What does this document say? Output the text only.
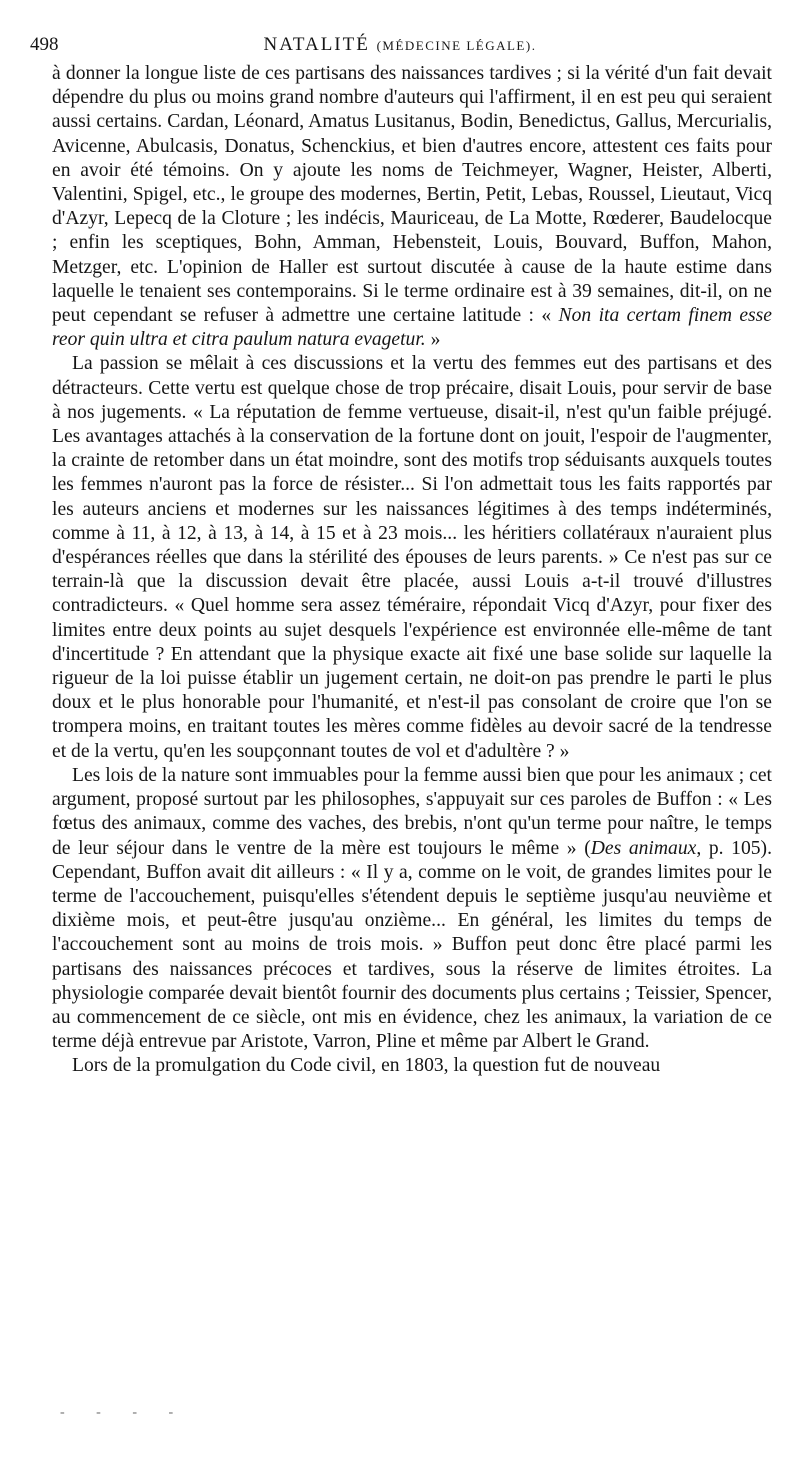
498	NATALITÉ (MÉDECINE LÉGALE).

à donner la longue liste de ces partisans des naissances tardives ; si la vérité d'un fait devait dépendre du plus ou moins grand nombre d'auteurs qui l'affirment, il en est peu qui seraient aussi certains. Cardan, Léonard, Amatus Lusitanus, Bodin, Benedictus, Gallus, Mercurialis, Avicenne, Abulcasis, Donatus, Schenckius, et bien d'autres encore, attestent ces faits pour en avoir été témoins. On y ajoute les noms de Teichmeyer, Wagner, Heister, Alberti, Valentini, Spigel, etc., le groupe des modernes, Bertin, Petit, Lebas, Roussel, Lieutaut, Vicq d'Azyr, Lepecq de la Cloture ; les indécis, Mauriceau, de La Motte, Rœderer, Baudelocque ; enfin les sceptiques, Bohn, Amman, Hebensteit, Louis, Bouvard, Buffon, Mahon, Metzger, etc. L'opinion de Haller est surtout discutée à cause de la haute estime dans laquelle le tenaient ses contemporains. Si le terme ordinaire est à 39 semaines, dit-il, on ne peut cependant se refuser à admettre une certaine latitude : « Non ita certam finem esse reor quin ultra et citra paulum natura evagetur. »

La passion se mêlait à ces discussions et la vertu des femmes eut des partisans et des détracteurs. Cette vertu est quelque chose de trop précaire, disait Louis, pour servir de base à nos jugements. « La réputation de femme vertueuse, disait-il, n'est qu'un faible préjugé. Les avantages attachés à la conservation de la fortune dont on jouit, l'espoir de l'augmenter, la crainte de retomber dans un état moindre, sont des motifs trop séduisants auxquels toutes les femmes n'auront pas la force de résister... Si l'on admettait tous les faits rapportés par les auteurs anciens et modernes sur les naissances légitimes à des temps indéterminés, comme à 11, à 12, à 13, à 14, à 15 et à 23 mois... les héritiers collatéraux n'auraient plus d'espérances réelles que dans la stérilité des épouses de leurs parents. » Ce n'est pas sur ce terrain-là que la discussion devait être placée, aussi Louis a-t-il trouvé d'illustres contradicteurs. « Quel homme sera assez téméraire, répondait Vicq d'Azyr, pour fixer des limites entre deux points au sujet desquels l'expérience est environnée elle-même de tant d'incertitude ? En attendant que la physique exacte ait fixé une base solide sur laquelle la rigueur de la loi puisse établir un jugement certain, ne doit-on pas prendre le parti le plus doux et le plus honorable pour l'humanité, et n'est-il pas consolant de croire que l'on se trompera moins, en traitant toutes les mères comme fidèles au devoir sacré de la tendresse et de la vertu, qu'en les soupçonnant toutes de vol et d'adultère ? »

Les lois de la nature sont immuables pour la femme aussi bien que pour les animaux ; cet argument, proposé surtout par les philosophes, s'appuyait sur ces paroles de Buffon : « Les fœtus des animaux, comme des vaches, des brebis, n'ont qu'un terme pour naître, le temps de leur séjour dans le ventre de la mère est toujours le même » (Des animaux, p. 105). Cependant, Buffon avait dit ailleurs : « Il y a, comme on le voit, de grandes limites pour le terme de l'accouchement, puisqu'elles s'étendent depuis le septième jusqu'au neuvième et dixième mois, et peut-être jusqu'au onzième... En général, les limites du temps de l'accouchement sont au moins de trois mois. » Buffon peut donc être placé parmi les partisans des naissances précoces et tardives, sous la réserve de limites étroites. La physiologie comparée devait bientôt fournir des documents plus certains ; Teissier, Spencer, au commencement de ce siècle, ont mis en évidence, chez les animaux, la variation de ce terme déjà entrevue par Aristote, Varron, Pline et même par Albert le Grand.

Lors de la promulgation du Code civil, en 1803, la question fut de nouveau

- - - -
